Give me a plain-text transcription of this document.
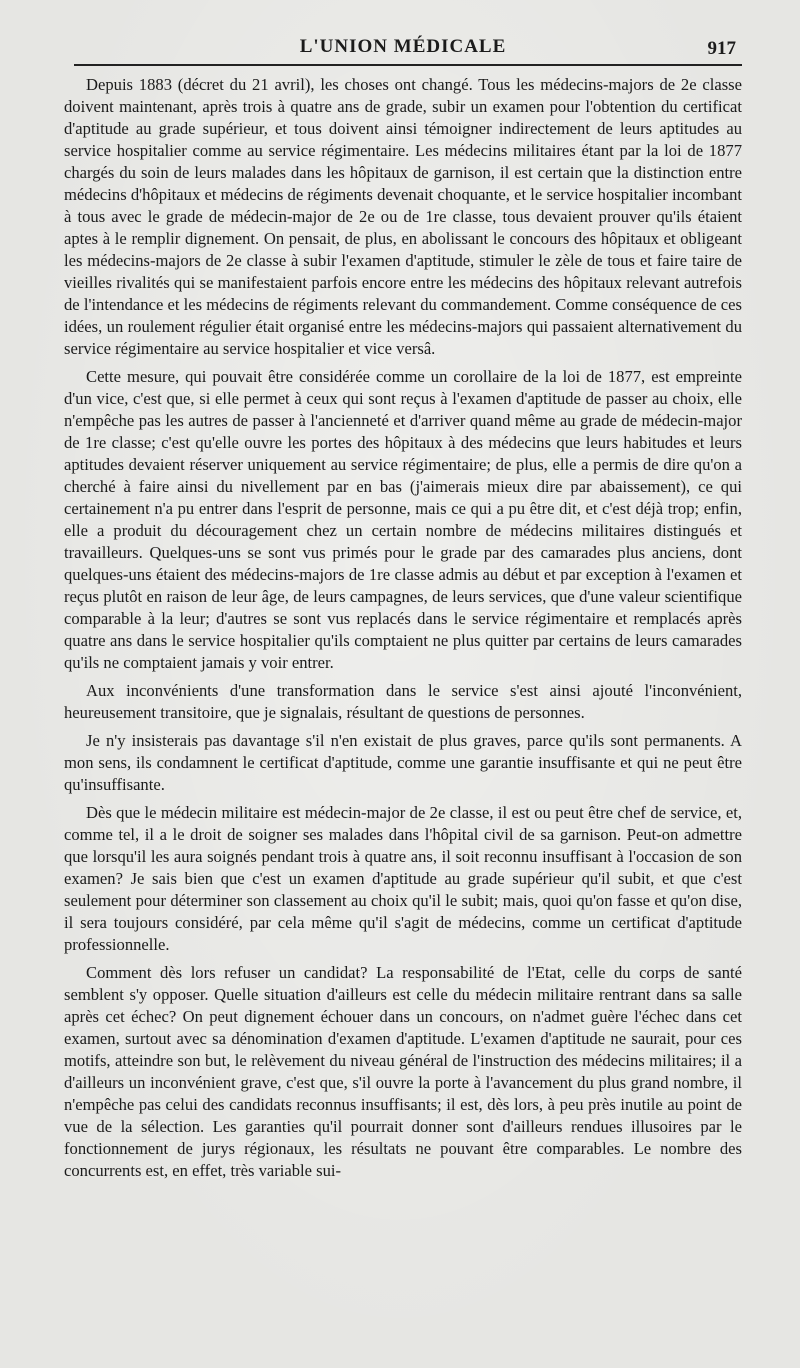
L'UNION MÉDICALE	917

Depuis 1883 (décret du 21 avril), les choses ont changé. Tous les médecins-majors de 2e classe doivent maintenant, après trois à quatre ans de grade, subir un examen pour l'obtention du certificat d'aptitude au grade supérieur, et tous doivent ainsi témoigner indirectement de leurs aptitudes au service hospitalier comme au service régimentaire. Les médecins militaires étant par la loi de 1877 chargés du soin de leurs malades dans les hôpitaux de garnison, il est certain que la distinction entre médecins d'hôpitaux et médecins de régiments devenait choquante, et le service hospitalier incombant à tous avec le grade de médecin-major de 2e ou de 1re classe, tous devaient prouver qu'ils étaient aptes à le remplir dignement. On pensait, de plus, en abolissant le concours des hôpitaux et obligeant les médecins-majors de 2e classe à subir l'examen d'aptitude, stimuler le zèle de tous et faire taire de vieilles rivalités qui se manifestaient parfois encore entre les médecins des hôpitaux relevant autrefois de l'intendance et les médecins de régiments relevant du commandement. Comme conséquence de ces idées, un roulement régulier était organisé entre les médecins-majors qui passaient alternativement du service régimentaire au service hospitalier et vice versâ.

Cette mesure, qui pouvait être considérée comme un corollaire de la loi de 1877, est empreinte d'un vice, c'est que, si elle permet à ceux qui sont reçus à l'examen d'aptitude de passer au choix, elle n'empêche pas les autres de passer à l'ancienneté et d'arriver quand même au grade de médecin-major de 1re classe; c'est qu'elle ouvre les portes des hôpitaux à des médecins que leurs habitudes et leurs aptitudes devaient réserver uniquement au service régimentaire; de plus, elle a permis de dire qu'on a cherché à faire ainsi du nivellement par en bas (j'aimerais mieux dire par abaissement), ce qui certainement n'a pu entrer dans l'esprit de personne, mais ce qui a pu être dit, et c'est déjà trop; enfin, elle a produit du découragement chez un certain nombre de médecins militaires distingués et travailleurs. Quelques-uns se sont vus primés pour le grade par des camarades plus anciens, dont quelques-uns étaient des médecins-majors de 1re classe admis au début et par exception à l'examen et reçus plutôt en raison de leur âge, de leurs campagnes, de leurs services, que d'une valeur scientifique comparable à la leur; d'autres se sont vus replacés dans le service régimentaire et remplacés après quatre ans dans le service hospitalier qu'ils comptaient ne plus quitter par certains de leurs camarades qu'ils ne comptaient jamais y voir entrer.

Aux inconvénients d'une transformation dans le service s'est ainsi ajouté l'inconvénient, heureusement transitoire, que je signalais, résultant de questions de personnes.

Je n'y insisterais pas davantage s'il n'en existait de plus graves, parce qu'ils sont permanents. A mon sens, ils condamnent le certificat d'aptitude, comme une garantie insuffisante et qui ne peut être qu'insuffisante.

Dès que le médecin militaire est médecin-major de 2e classe, il est ou peut être chef de service, et, comme tel, il a le droit de soigner ses malades dans l'hôpital civil de sa garnison. Peut-on admettre que lorsqu'il les aura soignés pendant trois à quatre ans, il soit reconnu insuffisant à l'occasion de son examen? Je sais bien que c'est un examen d'aptitude au grade supérieur qu'il subit, et que c'est seulement pour déterminer son classement au choix qu'il le subit; mais, quoi qu'on fasse et qu'on dise, il sera toujours considéré, par cela même qu'il s'agit de médecins, comme un certificat d'aptitude professionnelle.

Comment dès lors refuser un candidat? La responsabilité de l'Etat, celle du corps de santé semblent s'y opposer. Quelle situation d'ailleurs est celle du médecin militaire rentrant dans sa salle après cet échec? On peut dignement échouer dans un concours, on n'admet guère l'échec dans cet examen, surtout avec sa dénomination d'examen d'aptitude. L'examen d'aptitude ne saurait, pour ces motifs, atteindre son but, le relèvement du niveau général de l'instruction des médecins militaires; il a d'ailleurs un inconvénient grave, c'est que, s'il ouvre la porte à l'avancement du plus grand nombre, il n'empêche pas celui des candidats reconnus insuffisants; il est, dès lors, à peu près inutile au point de vue de la sélection. Les garanties qu'il pourrait donner sont d'ailleurs rendues illusoires par le fonctionnement de jurys régionaux, les résultats ne pouvant être comparables. Le nombre des concurrents est, en effet, très variable sui-
